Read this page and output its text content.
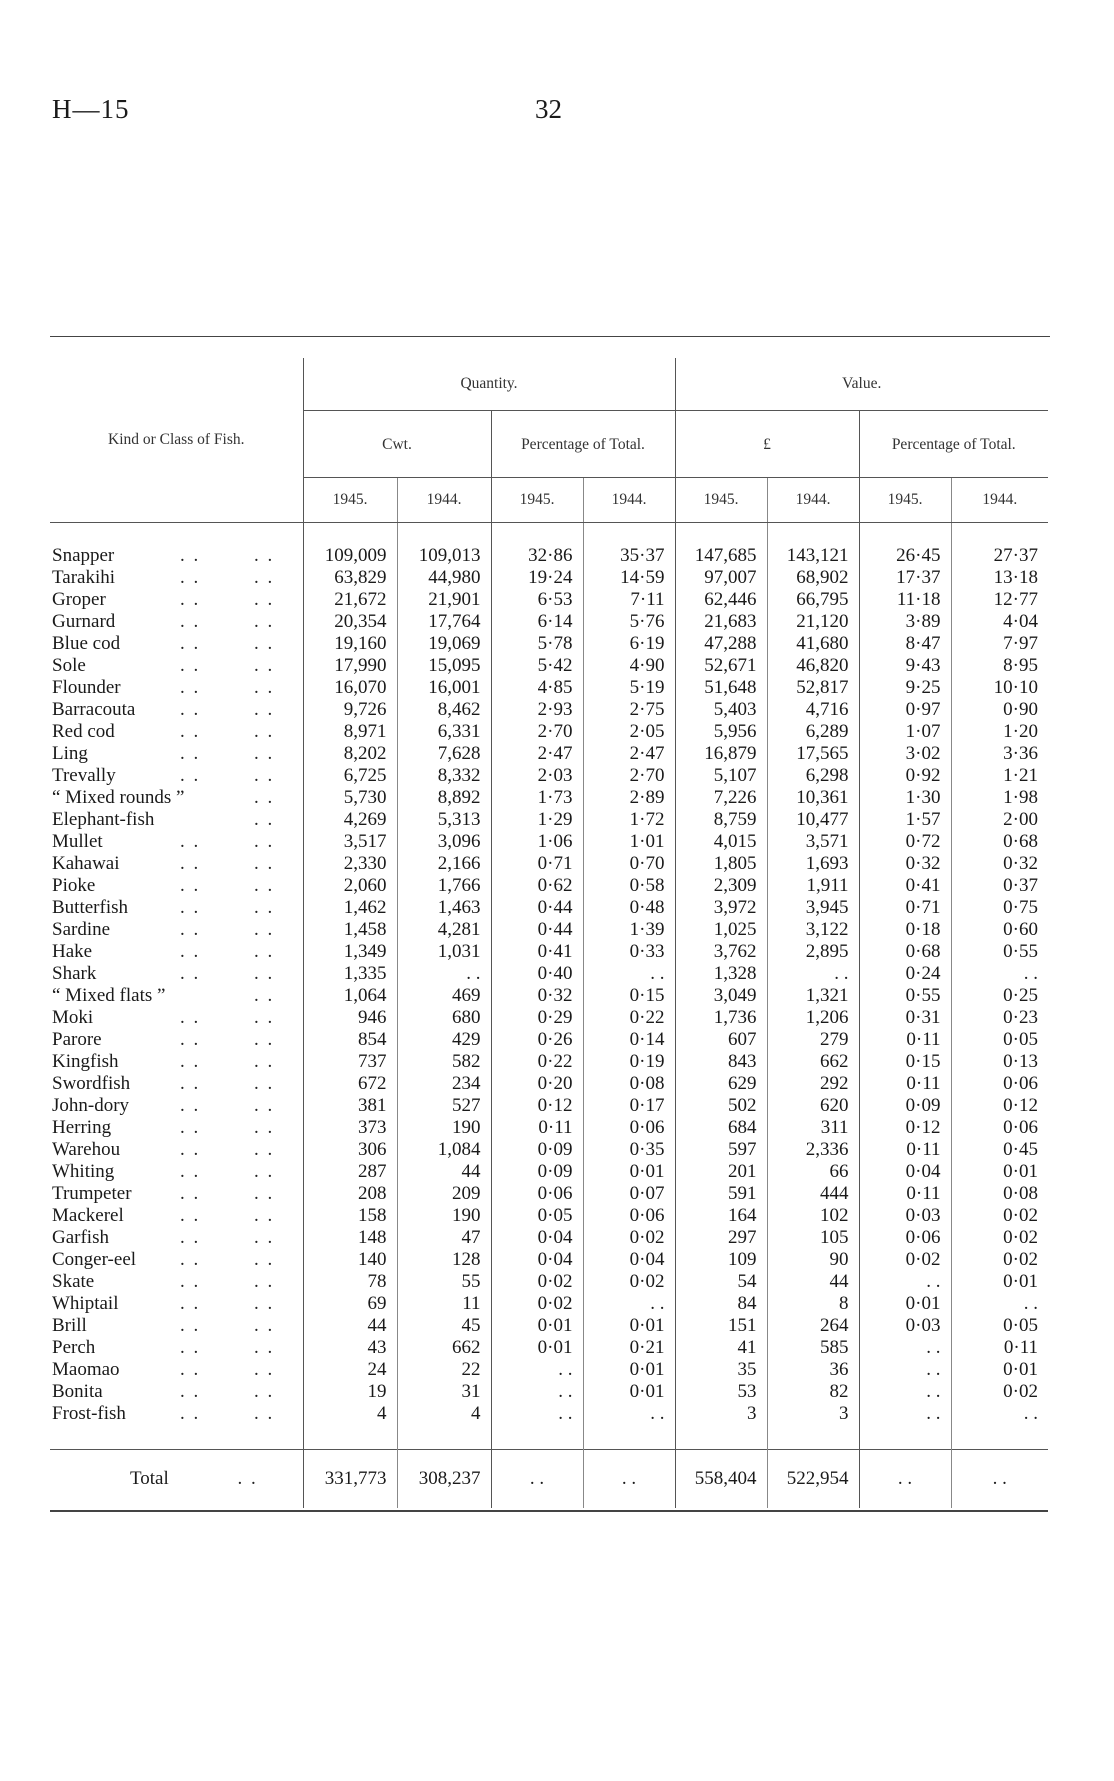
H—15	32
Kind or Class of Fish.	Quantity.				Value.			
	Cwt.		Percentage of Total.		£		Percentage of Total.	
	1945.	1944.	1945.	1944.	1945.	1944.	1945.	1944.
Snapper . . . .	109,009	109,013	32·86	35·37	147,685	143,121	26·45	27·37
Tarakihi . . . .	63,829	44,980	19·24	14·59	97,007	68,902	17·37	13·18
Groper . . . .	21,672	21,901	6·53	7·11	62,446	66,795	11·18	12·77
Gurnard . . . .	20,354	17,764	6·14	5·76	21,683	21,120	3·89	4·04
Blue cod . . . .	19,160	19,069	5·78	6·19	47,288	41,680	8·47	7·97
Sole . . . .	17,990	15,095	5·42	4·90	52,671	46,820	9·43	8·95
Flounder . . . .	16,070	16,001	4·85	5·19	51,648	52,817	9·25	10·10
Barracouta . . . .	9,726	8,462	2·93	2·75	5,403	4,716	0·97	0·90
Red cod . . . .	8,971	6,331	2·70	2·05	5,956	6,289	1·07	1·20
Ling . . . .	8,202	7,628	2·47	2·47	16,879	17,565	3·02	3·36
Trevally . . . .	6,725	8,332	2·03	2·70	5,107	6,298	0·92	1·21
“ Mixed rounds ” . .	5,730	8,892	1·73	2·89	7,226	10,361	1·30	1·98
Elephant-fish . .	4,269	5,313	1·29	1·72	8,759	10,477	1·57	2·00
Mullet . . . .	3,517	3,096	1·06	1·01	4,015	3,571	0·72	0·68
Kahawai . . . .	2,330	2,166	0·71	0·70	1,805	1,693	0·32	0·32
Pioke . . . .	2,060	1,766	0·62	0·58	2,309	1,911	0·41	0·37
Butterfish . . . .	1,462	1,463	0·44	0·48	3,972	3,945	0·71	0·75
Sardine . . . .	1,458	4,281	0·44	1·39	1,025	3,122	0·18	0·60
Hake . . . .	1,349	1,031	0·41	0·33	3,762	2,895	0·68	0·55
Shark . . . .	1,335	. .	0·40	. .	1,328	. .	0·24	. .
“ Mixed flats ” . .	1,064	469	0·32	0·15	3,049	1,321	0·55	0·25
Moki . . . .	946	680	0·29	0·22	1,736	1,206	0·31	0·23
Parore . . . .	854	429	0·26	0·14	607	279	0·11	0·05
Kingfish . . . .	737	582	0·22	0·19	843	662	0·15	0·13
Swordfish . . . .	672	234	0·20	0·08	629	292	0·11	0·06
John-dory . . . .	381	527	0·12	0·17	502	620	0·09	0·12
Herring . . . .	373	190	0·11	0·06	684	311	0·12	0·06
Warehou . . . .	306	1,084	0·09	0·35	597	2,336	0·11	0·45
Whiting . . . .	287	44	0·09	0·01	201	66	0·04	0·01
Trumpeter . . . .	208	209	0·06	0·07	591	444	0·11	0·08
Mackerel . . . .	158	190	0·05	0·06	164	102	0·03	0·02
Garfish . . . .	148	47	0·04	0·02	297	105	0·06	0·02
Conger-eel . . . .	140	128	0·04	0·04	109	90	0·02	0·02
Skate . . . .	78	55	0·02	0·02	54	44	. .	0·01
Whiptail . . . .	69	11	0·02	. .	84	8	0·01	. .
Brill . . . .	44	45	0·01	0·01	151	264	0·03	0·05
Perch . . . .	43	662	0·01	0·21	41	585	. .	0·11
Maomao . . . .	24	22	. .	0·01	35	36	. .	0·01
Bonita . . . .	19	31	. .	0·01	53	82	. .	0·02
Frost-fish . . . .	4	4	. .	. .	3	3	. .	. .

Total . .	331,773	308,237	. .	. .	558,404	522,954	. .	. .
